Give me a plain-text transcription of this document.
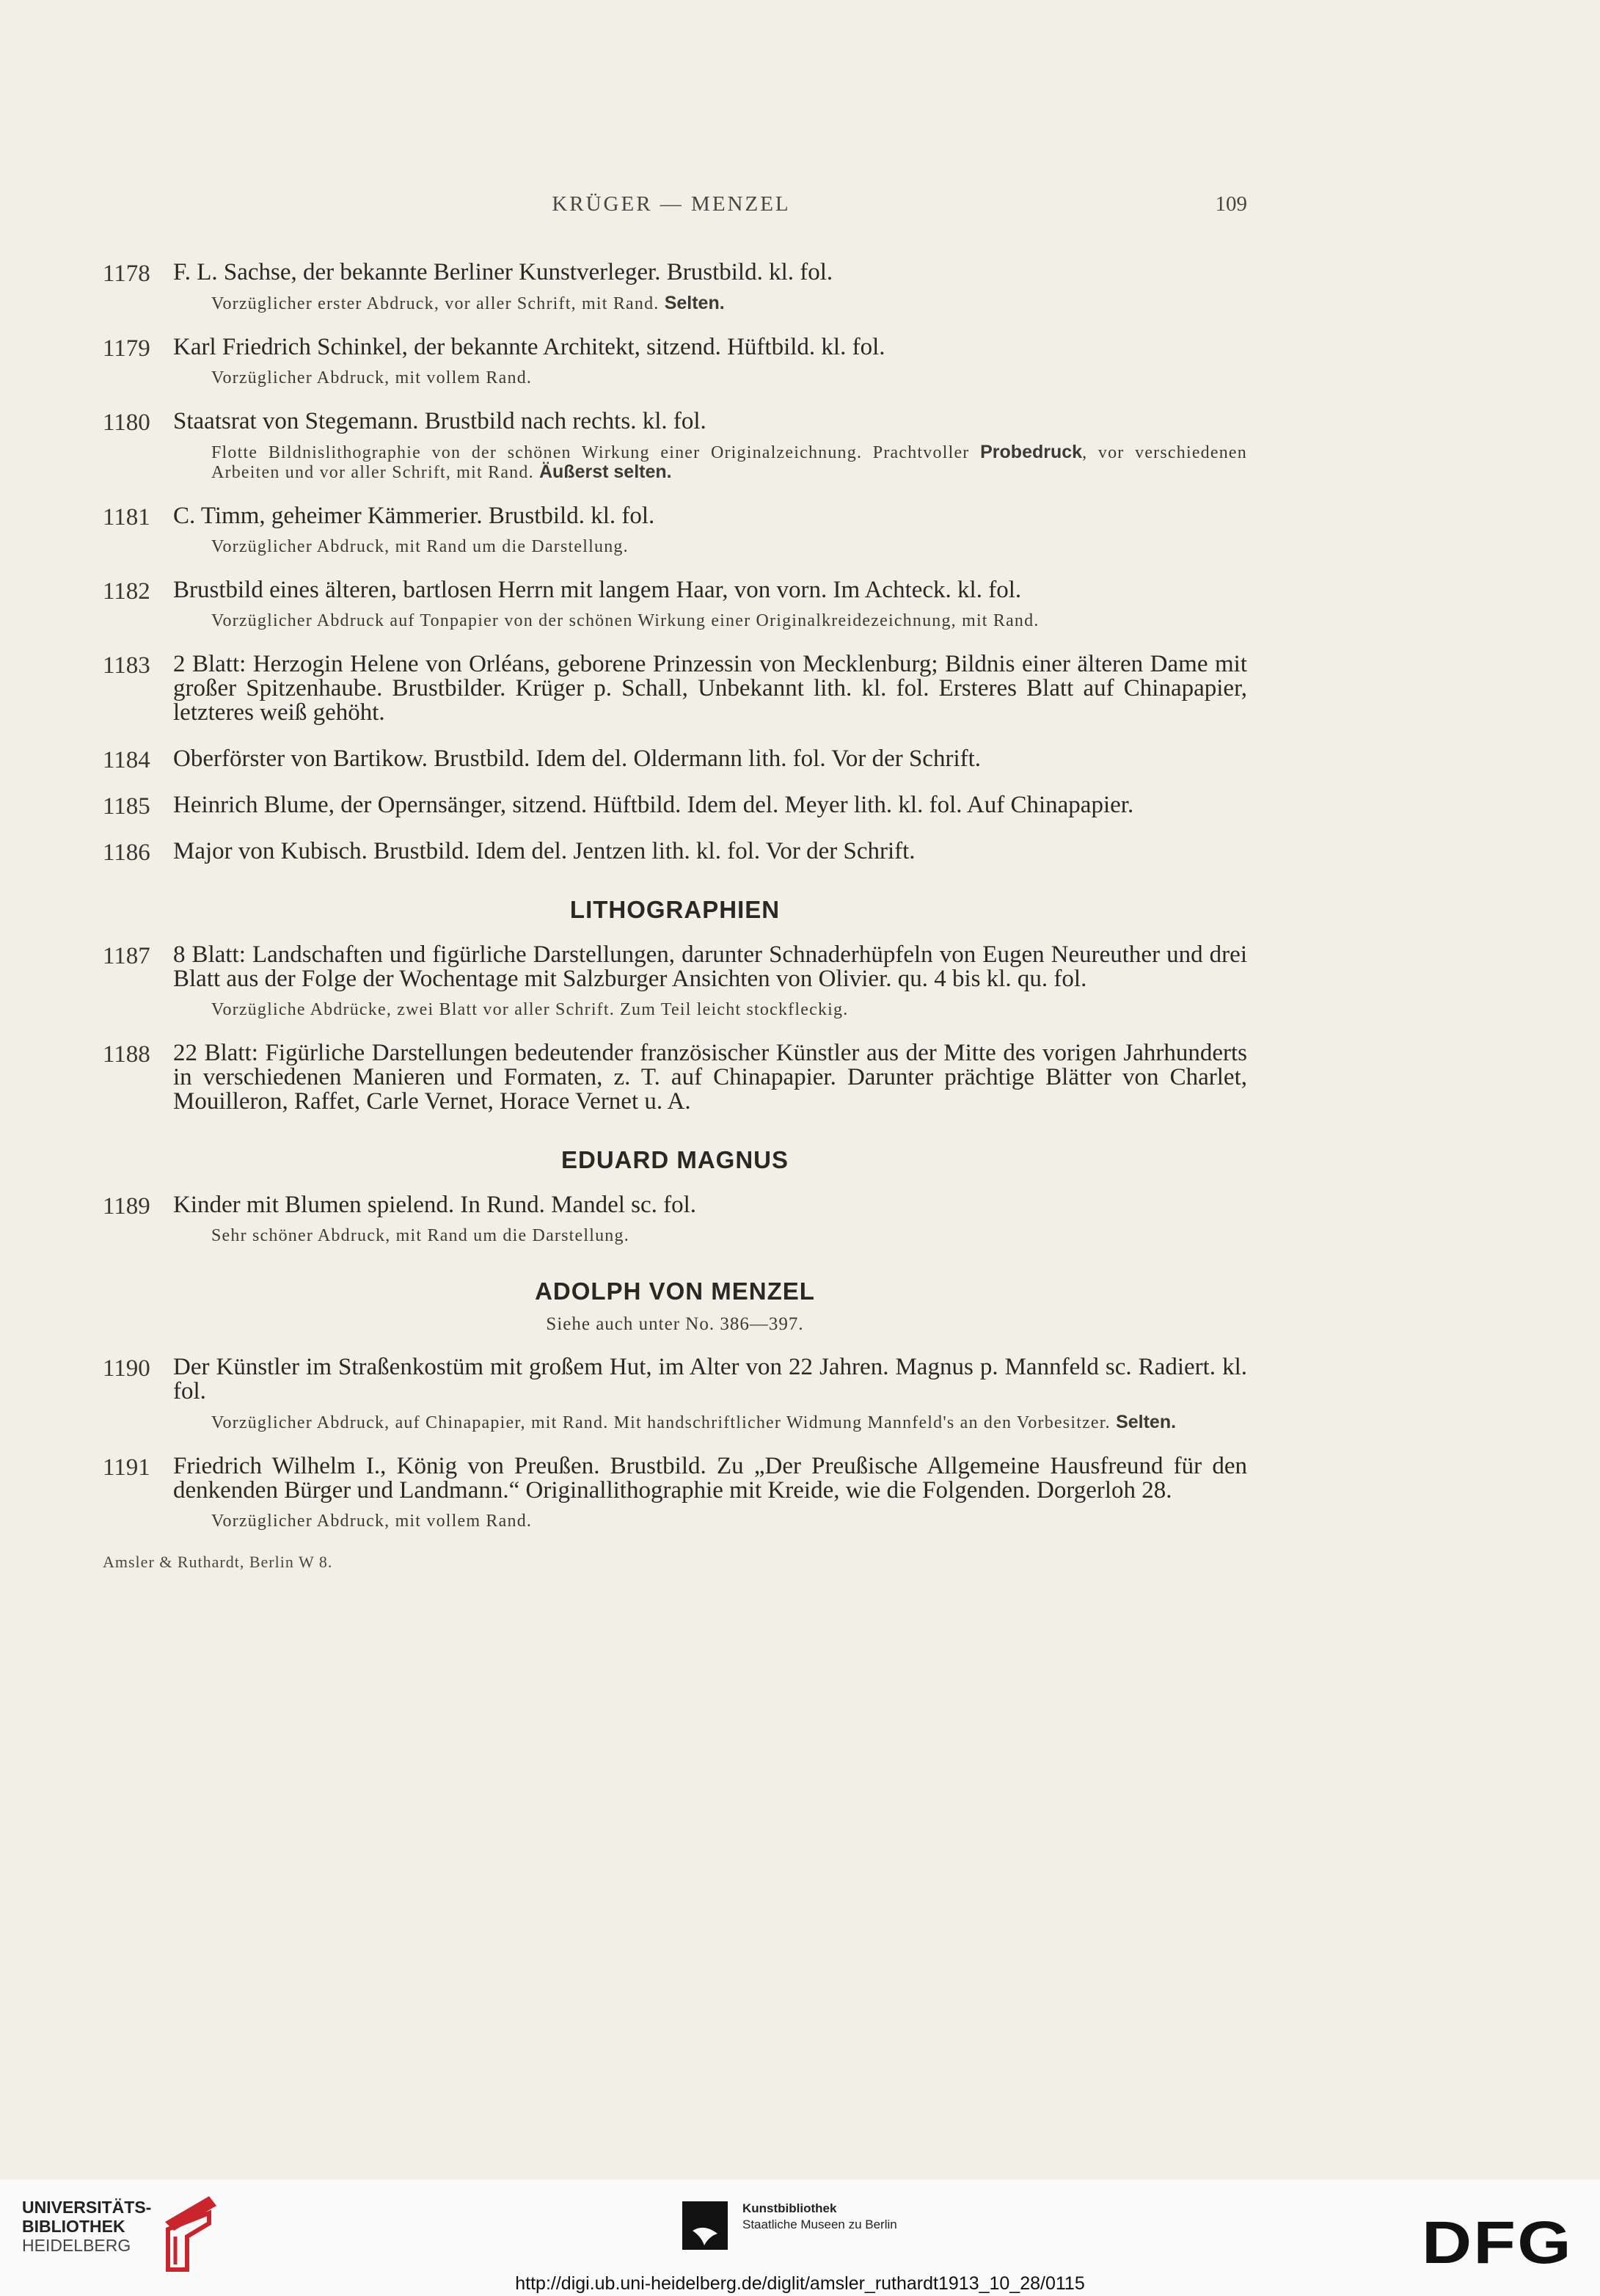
KRÜGER — MENZEL	109
1178 F. L. Sachse, der bekannte Berliner Kunstverleger. Brustbild. kl. fol.
Vorzüglicher erster Abdruck, vor aller Schrift, mit Rand. Selten.
1179 Karl Friedrich Schinkel, der bekannte Architekt, sitzend. Hüftbild. kl. fol.
Vorzüglicher Abdruck, mit vollem Rand.
1180 Staatsrat von Stegemann. Brustbild nach rechts. kl. fol.
Flotte Bildnislithographie von der schönen Wirkung einer Originalzeichnung. Prachtvoller Probedruck, vor verschiedenen Arbeiten und vor aller Schrift, mit Rand. Äußerst selten.
1181 C. Timm, geheimer Kämmerier. Brustbild. kl. fol.
Vorzüglicher Abdruck, mit Rand um die Darstellung.
1182 Brustbild eines älteren, bartlosen Herrn mit langem Haar, von vorn. Im Achteck. kl. fol.
Vorzüglicher Abdruck auf Tonpapier von der schönen Wirkung einer Originalkreidezeichnung, mit Rand.
1183 2 Blatt: Herzogin Helene von Orléans, geborene Prinzessin von Mecklenburg; Bildnis einer älteren Dame mit großer Spitzenhaube. Brustbilder. Krüger p. Schall, Unbekannt lith. kl. fol. Ersteres Blatt auf Chinapapier, letzteres weiß gehöht.
1184 Oberförster von Bartikow. Brustbild. Idem del. Oldermann lith. fol. Vor der Schrift.
1185 Heinrich Blume, der Opernsänger, sitzend. Hüftbild. Idem del. Meyer lith. kl. fol. Auf Chinapapier.
1186 Major von Kubisch. Brustbild. Idem del. Jentzen lith. kl. fol. Vor der Schrift.
LITHOGRAPHIEN
1187 8 Blatt: Landschaften und figürliche Darstellungen, darunter Schnaderhüpfeln von Eugen Neureuther und drei Blatt aus der Folge der Wochentage mit Salzburger Ansichten von Olivier. qu. 4 bis kl. qu. fol.
Vorzügliche Abdrücke, zwei Blatt vor aller Schrift. Zum Teil leicht stockfleckig.
1188 22 Blatt: Figürliche Darstellungen bedeutender französischer Künstler aus der Mitte des vorigen Jahrhunderts in verschiedenen Manieren und Formaten, z. T. auf Chinapapier. Darunter prächtige Blätter von Charlet, Mouilleron, Raffet, Carle Vernet, Horace Vernet u. A.
EDUARD MAGNUS
1189 Kinder mit Blumen spielend. In Rund. Mandel sc. fol.
Sehr schöner Abdruck, mit Rand um die Darstellung.
ADOLPH VON MENZEL
Siehe auch unter No. 386—397.
1190 Der Künstler im Straßenkostüm mit großem Hut, im Alter von 22 Jahren. Magnus p. Mannfeld sc. Radiert. kl. fol.
Vorzüglicher Abdruck, auf Chinapapier, mit Rand. Mit handschriftlicher Widmung Mannfeld's an den Vorbesitzer. Selten.
1191 Friedrich Wilhelm I., König von Preußen. Brustbild. Zu „Der Preußische Allgemeine Hausfreund für den denkenden Bürger und Landmann.“ Originallithographie mit Kreide, wie die Folgenden. Dorgerloh 28.
Vorzüglicher Abdruck, mit vollem Rand.
Amsler & Ruthardt, Berlin W 8.
UNIVERSITÄTS-
BIBLIOTHEK
HEIDELBERG
Kunstbibliothek
Staatliche Museen zu Berlin	DFG
http://digi.ub.uni-heidelberg.de/diglit/amsler_ruthardt1913_10_28/0115
